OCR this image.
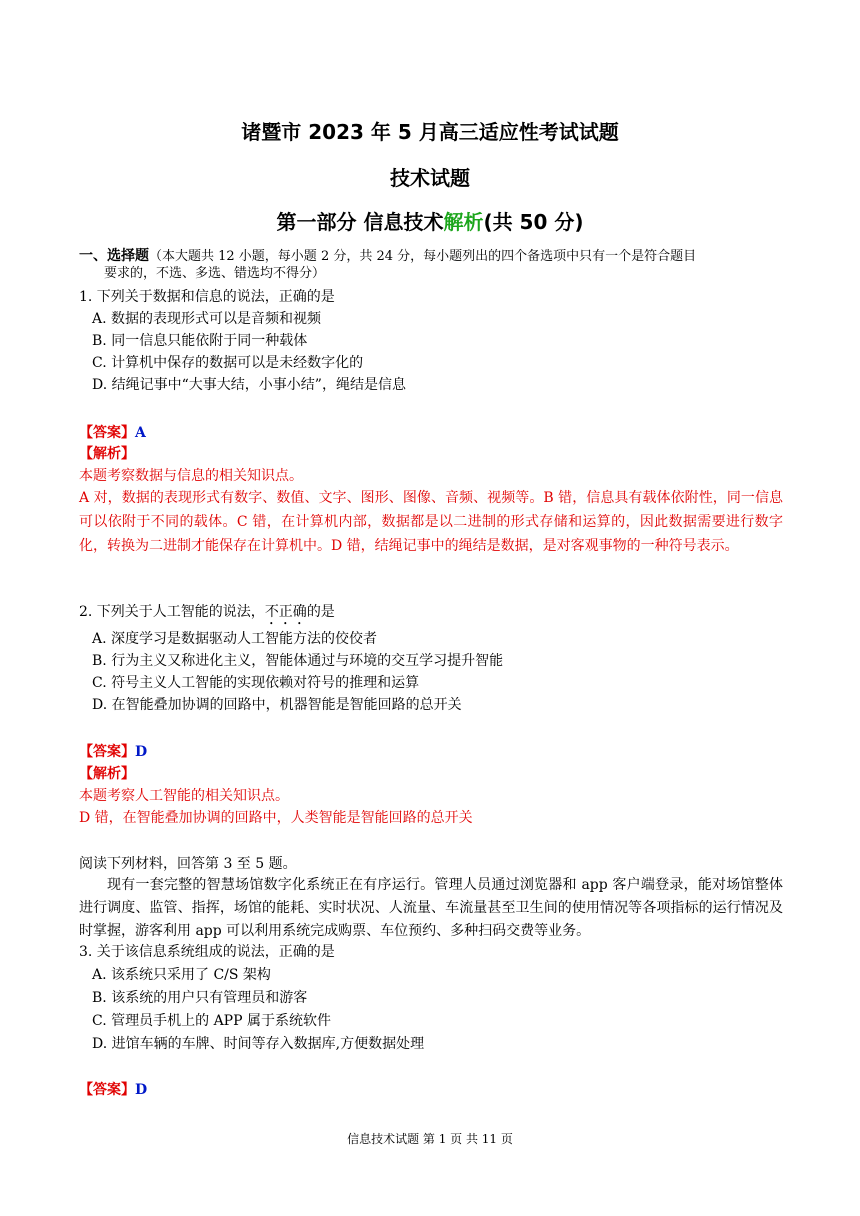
诸暨市 2023 年 5 月高三适应性考试试题
技术试题
第一部分 信息技术解析(共 50 分)
一、选择题（本大题共 12 小题，每小题 2 分，共 24 分，每小题列出的四个备选项中只有一个是符合题目
要求的，不选、多选、错选均不得分）
1. 下列关于数据和信息的说法，正确的是
A. 数据的表现形式可以是音频和视频
B. 同一信息只能依附于同一种载体
C. 计算机中保存的数据可以是未经数字化的
D. 结绳记事中“大事大结，小事小结”，绳结是信息
【答案】A
【解析】
本题考察数据与信息的相关知识点。
A 对，数据的表现形式有数字、数值、文字、图形、图像、音频、视频等。B 错，信息具有载体依附性，同一信息可以依附于不同的载体。C 错，在计算机内部，数据都是以二进制的形式存储和运算的，因此数据需要进行数字化，转换为二进制才能保存在计算机中。D 错，结绳记事中的绳结是数据，是对客观事物的一种符号表示。
2. 下列关于人工智能的说法，不正确的是
A. 深度学习是数据驱动人工智能方法的佼佼者
B. 行为主义又称进化主义，智能体通过与环境的交互学习提升智能
C. 符号主义人工智能的实现依赖对符号的推理和运算
D. 在智能叠加协调的回路中，机器智能是智能回路的总开关
【答案】D
【解析】
本题考察人工智能的相关知识点。
D 错，在智能叠加协调的回路中，人类智能是智能回路的总开关
阅读下列材料，回答第 3 至 5 题。
现有一套完整的智慧场馆数字化系统正在有序运行。管理人员通过浏览器和 app 客户端登录，能对场馆整体进行调度、监管、指挥，场馆的能耗、实时状况、人流量、车流量甚至卫生间的使用情况等各项指标的运行情况及时掌握，游客利用 app 可以利用系统完成购票、车位预约、多种扫码交费等业务。
3. 关于该信息系统组成的说法，正确的是
A. 该系统只采用了 C/S 架构
B. 该系统的用户只有管理员和游客
C. 管理员手机上的 APP 属于系统软件
D. 进馆车辆的车牌、时间等存入数据库,方便数据处理
【答案】D
信息技术试题 第 1 页 共 11 页
